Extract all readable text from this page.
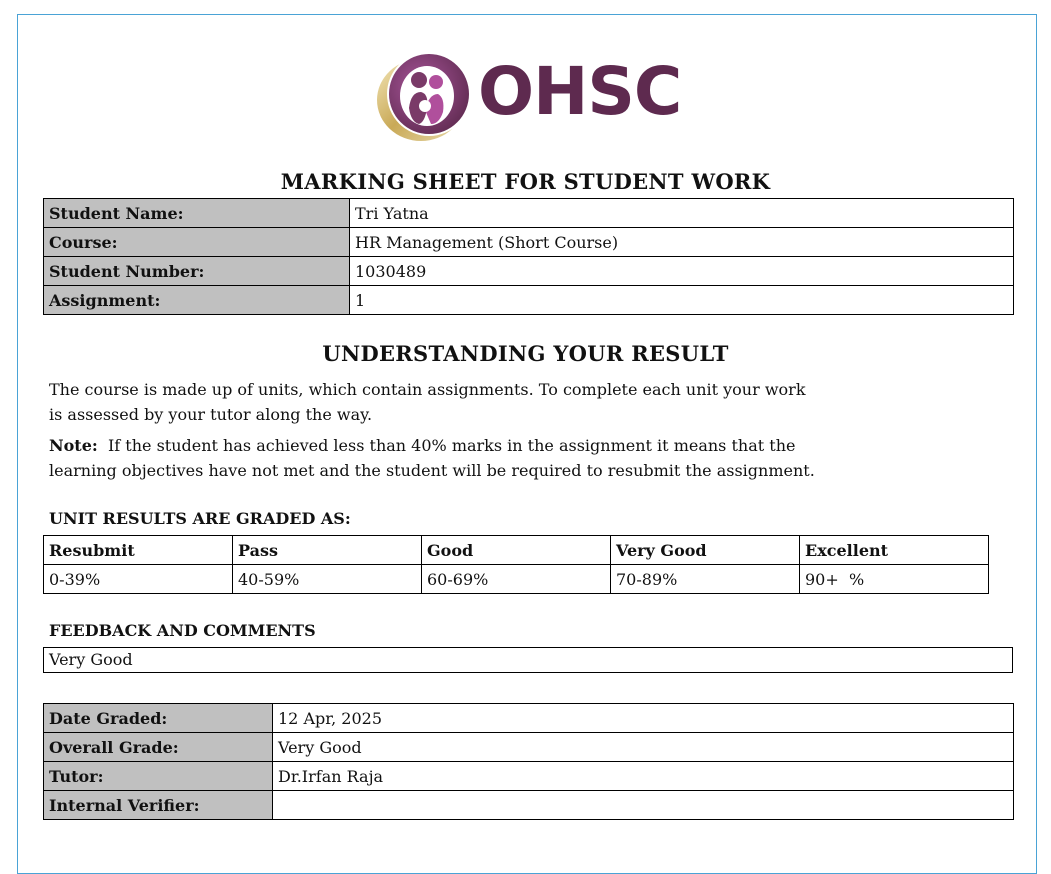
OHSC
MARKING SHEET FOR STUDENT WORK
Student Name:	Tri Yatna
Course:	HR Management (Short Course)
Student Number:	1030489
Assignment:	1
UNDERSTANDING YOUR RESULT
The course is made up of units, which contain assignments. To complete each unit your work
is assessed by your tutor along the way.
Note: If the student has achieved less than 40% marks in the assignment it means that the
learning objectives have not met and the student will be required to resubmit the assignment.
UNIT RESULTS ARE GRADED AS:
Resubmit	Pass	Good	Very Good	Excellent
0-39%	40-59%	60-69%	70-89%	90+  %
FEEDBACK AND COMMENTS
Very Good
Date Graded:	12 Apr, 2025
Overall Grade:	Very Good
Tutor:	Dr.Irfan Raja
Internal Verifier:	
